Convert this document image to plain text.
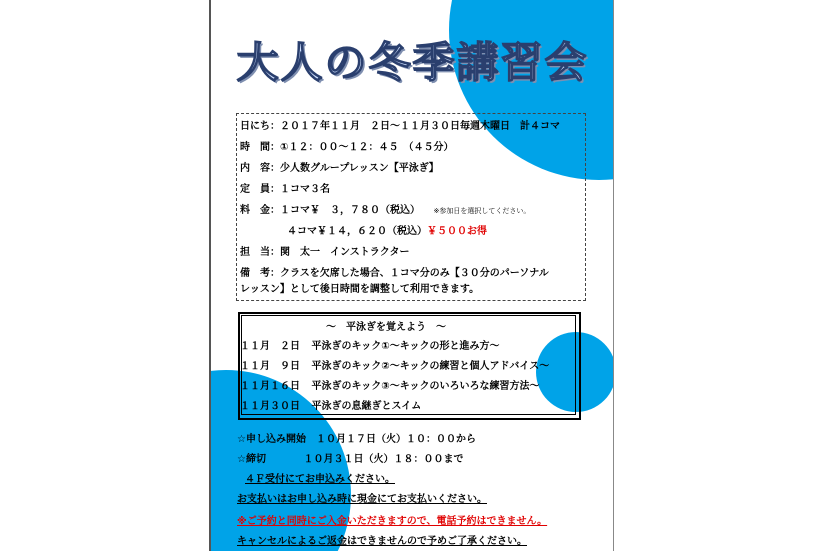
大人の冬季講習会
日にち：２０１７年１１月　２日～１１月３０日毎週木曜日　計４コマ
時　間：①１２：００～１２：４５　（４５分）
内　容：少人数グループレッスン【平泳ぎ】
定　員：１コマ３名
料　金：１コマ￥　３，７８０（税込） ※参加日を選択してください。
４コマ￥１４，６２０（税込）￥５００お得
担　当：関　太一　インストラクター
備　考：クラスを欠席した場合、１コマ分のみ【３０分のパーソナル
レッスン】として後日時間を調整して利用できます。
～　平泳ぎを覚えよう　～
１１月　２日 平泳ぎのキック①～キックの形と進み方～
１１月　９日 平泳ぎのキック②～キックの練習と個人アドバイス～
１１月１６日 平泳ぎのキック③～キックのいろいろな練習方法～
１１月３０日 平泳ぎの息継ぎとスイム
☆申し込み開始　１０月１７日（火）１０：００から
☆締切	１０月３１日（火）１８：００まで
４Ｆ受付にてお申込みください。
お支払いはお申し込み時に現金にてお支払いください。
※ご予約と同時にご入金いただきますので、電話予約はできません。
キャンセルによるご返金はできませんので予めご了承ください。
